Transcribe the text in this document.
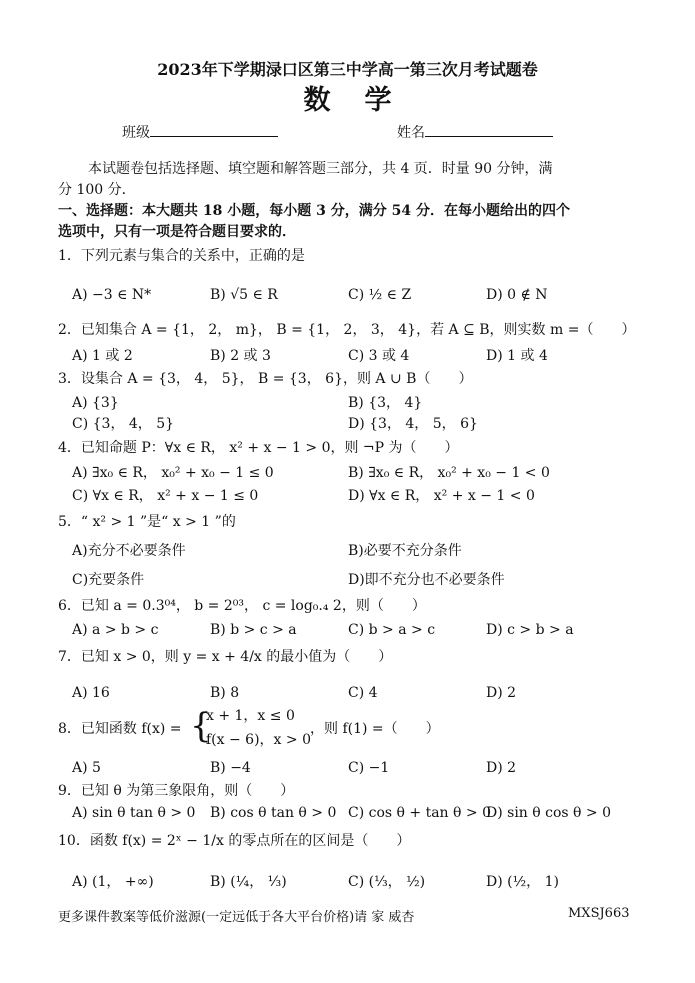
2023年下学期渌口区第三中学高一第三次月考试题卷
数学
班级	姓名
本试题卷包括选择题、填空题和解答题三部分，共 4 页．时量 90 分钟，满
分 100 分．
一、选择题：本大题共 18 小题，每小题 3 分，满分 54 分．在每小题给出的四个
选项中，只有一项是符合题目要求的．
1．下列元素与集合的关系中，正确的是
A) −3 ∈ N*	B) √5 ∈ R	C) ½ ∈ Z	D) 0 ∉ N
2．已知集合 A = {1， 2， m}， B = {1， 2， 3， 4}，若 A ⊆ B，则实数 m =（　　）
A) 1 或 2	B) 2 或 3	C) 3 或 4	D) 1 或 4
3．设集合 A = {3， 4， 5}， B = {3， 6}，则 A ∪ B（　　）
A) {3}	B) {3， 4}
C) {3， 4， 5}	D) {3， 4， 5， 6}
4．已知命题 P：∀x ∈ R， x² + x − 1 > 0，则 ¬P 为（　　）
A) ∃x₀ ∈ R， x₀² + x₀ − 1 ≤ 0	B) ∃x₀ ∈ R， x₀² + x₀ − 1 < 0
C) ∀x ∈ R， x² + x − 1 ≤ 0	D) ∀x ∈ R， x² + x − 1 < 0
5．“ x² > 1 ”是“ x > 1 ”的
A)充分不必要条件	B)必要不充分条件
C)充要条件	D)即不充分也不必要条件
6．已知 a = 0.3⁰⁴， b = 2⁰³， c = log₀.₄ 2，则（　　）
A) a > b > c	B) b > c > a	C) b > a > c	D) c > b > a
7．已知 x > 0，则 y = x + 4/x 的最小值为（　　）
A) 16	B) 8	C) 4	D) 2
8．已知函数 f(x) = {
x + 1，x ≤ 0
f(x − 6)，x > 0
，则 f(1) =（　　）
A) 5	B) −4	C) −1	D) 2
9．已知 θ 为第三象限角，则（　　）
A) sin θ tan θ > 0 B) cos θ tan θ > 0 C) cos θ + tan θ > 0
D) sin θ cos θ > 0
10．函数 f(x) = 2ˣ − 1/x 的零点所在的区间是（　　）
A) (1， +∞)	B) (¼， ⅓)	C) (⅓， ½)	D) (½， 1)
更多课件教案等低价滋源(一定远低于各大平台价格)请 家 威杏	MXSJ663
